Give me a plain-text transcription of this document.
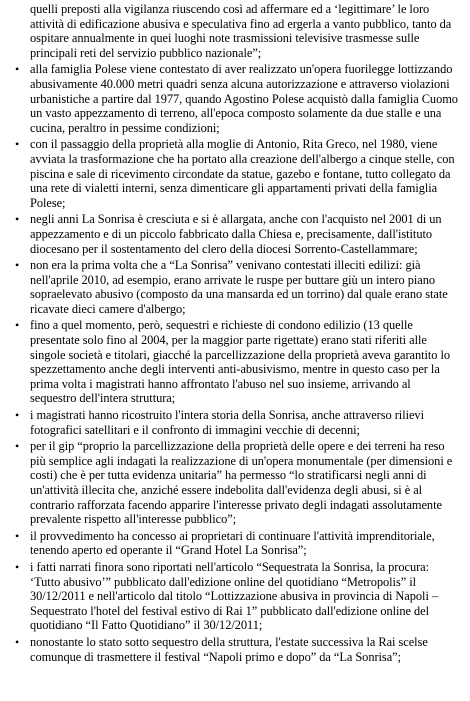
quelli preposti alla vigilanza riuscendo così ad affermare ed a ‘legittimare’ le loro attività di edificazione abusiva e speculativa fino ad ergerla a vanto pubblico, tanto da ospitare annualmente in quei luoghi note trasmissioni televisive trasmesse sulle principali reti del servizio pubblico nazionale”;

• alla famiglia Polese viene contestato di aver realizzato un'opera fuorilegge lottizzando abusivamente 40.000 metri quadri senza alcuna autorizzazione e attraverso violazioni urbanistiche a partire dal 1977, quando Agostino Polese acquistò dalla famiglia Cuomo un vasto appezzamento di terreno, all'epoca composto solamente da due stalle e una cucina, peraltro in pessime condizioni;
• con il passaggio della proprietà alla moglie di Antonio, Rita Greco, nel 1980, viene avviata la trasformazione che ha portato alla creazione dell'albergo a cinque stelle, con piscina e sale di ricevimento circondate da statue, gazebo e fontane, tutto collegato da una rete di vialetti interni, senza dimenticare gli appartamenti privati della famiglia Polese;
• negli anni La Sonrisa è cresciuta e si è allargata, anche con l'acquisto nel 2001 di un appezzamento e di un piccolo fabbricato dalla Chiesa e, precisamente, dall'istituto diocesano per il sostentamento del clero della diocesi Sorrento-Castellammare;
• non era la prima volta che a “La Sonrisa” venivano contestati illeciti edilizi: già nell'aprile 2010, ad esempio, erano arrivate le ruspe per buttare giù un intero piano sopraelevato abusivo (composto da una mansarda ed un torrino) dal quale erano state ricavate dieci camere d'albergo;
• fino a quel momento, però, sequestri e richieste di condono edilizio (13 quelle presentate solo fino al 2004, per la maggior parte rigettate) erano stati riferiti alle singole società e titolari, giacché la parcellizzazione della proprietà aveva garantito lo spezzettamento anche degli interventi anti-abusivismo, mentre in questo caso per la prima volta i magistrati hanno affrontato l'abuso nel suo insieme, arrivando al sequestro dell'intera struttura;
• i magistrati hanno ricostruito l'intera storia della Sonrisa, anche attraverso rilievi fotografici satellitari e il confronto di immagini vecchie di decenni;
• per il gip “proprio la parcellizzazione della proprietà delle opere e dei terreni ha reso più semplice agli indagati la realizzazione di un'opera monumentale (per dimensioni e costi) che è per tutta evidenza unitaria” ha permesso “lo stratificarsi negli anni di un'attività illecita che, anziché essere indebolita dall'evidenza degli abusi, si è al contrario rafforzata facendo apparire l'interesse privato degli indagati assolutamente prevalente rispetto all'interesse pubblico”;
• il provvedimento ha concesso ai proprietari di continuare l'attività imprenditoriale, tenendo aperto ed operante il “Grand Hotel La Sonrisa”;
• i fatti narrati finora sono riportati nell'articolo “Sequestrata la Sonrisa, la procura: ‘Tutto abusivo’” pubblicato dall'edizione online del quotidiano “Metropolis” il 30/12/2011 e nell'articolo dal titolo “Lottizzazione abusiva in provincia di Napoli – Sequestrato l'hotel del festival estivo di Rai 1” pubblicato dall'edizione online del quotidiano “Il Fatto Quotidiano” il 30/12/2011;
• nonostante lo stato sotto sequestro della struttura, l'estate successiva la Rai scelse comunque di trasmettere il festival “Napoli primo e dopo” da “La Sonrisa”;
